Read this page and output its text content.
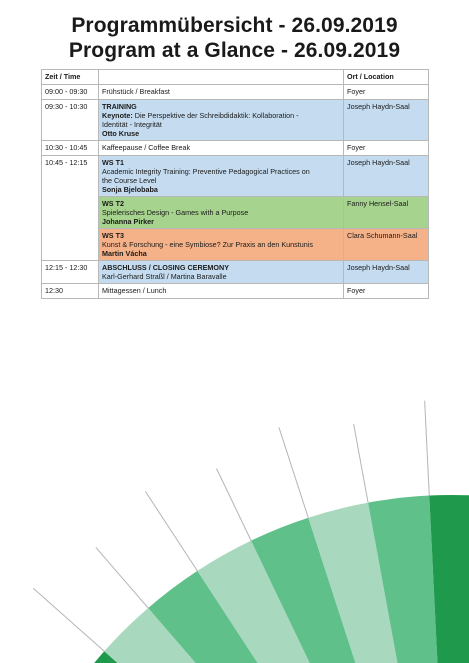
Programmübersicht - 26.09.2019
Program at a Glance - 26.09.2019
Zeit / Time		Ort / Location
09:00 - 09:30	Frühstück / Breakfast	Foyer
09:30 - 10:30	TRAINING
Keynote: Die Perspektive der Schreibdidaktik: Kollaboration -
Identität - Integrität
Otto Kruse	Joseph Haydn-Saal
10:30 - 10:45	Kaffeepause / Coffee Break	Foyer
10:45 - 12:15	WS T1
Academic Integrity Training: Preventive Pedagogical Practices on
the Course Level
Sonja Bjelobaba	Joseph Haydn-Saal

	WS T2
Spielerisches Design - Games with a Purpose
Johanna Pirker	Fanny Hensel-Saal

	WS T3
Kunst & Forschung - eine Symbiose? Zur Praxis an den Kunstunis
Martin Vácha	Clara Schumann-Saal
12:15 - 12:30	ABSCHLUSS / CLOSING CEREMONY
Karl-Gerhard Straßl / Martina Baravalle	Joseph Haydn-Saal
12:30	Mittagessen / Lunch	Foyer
